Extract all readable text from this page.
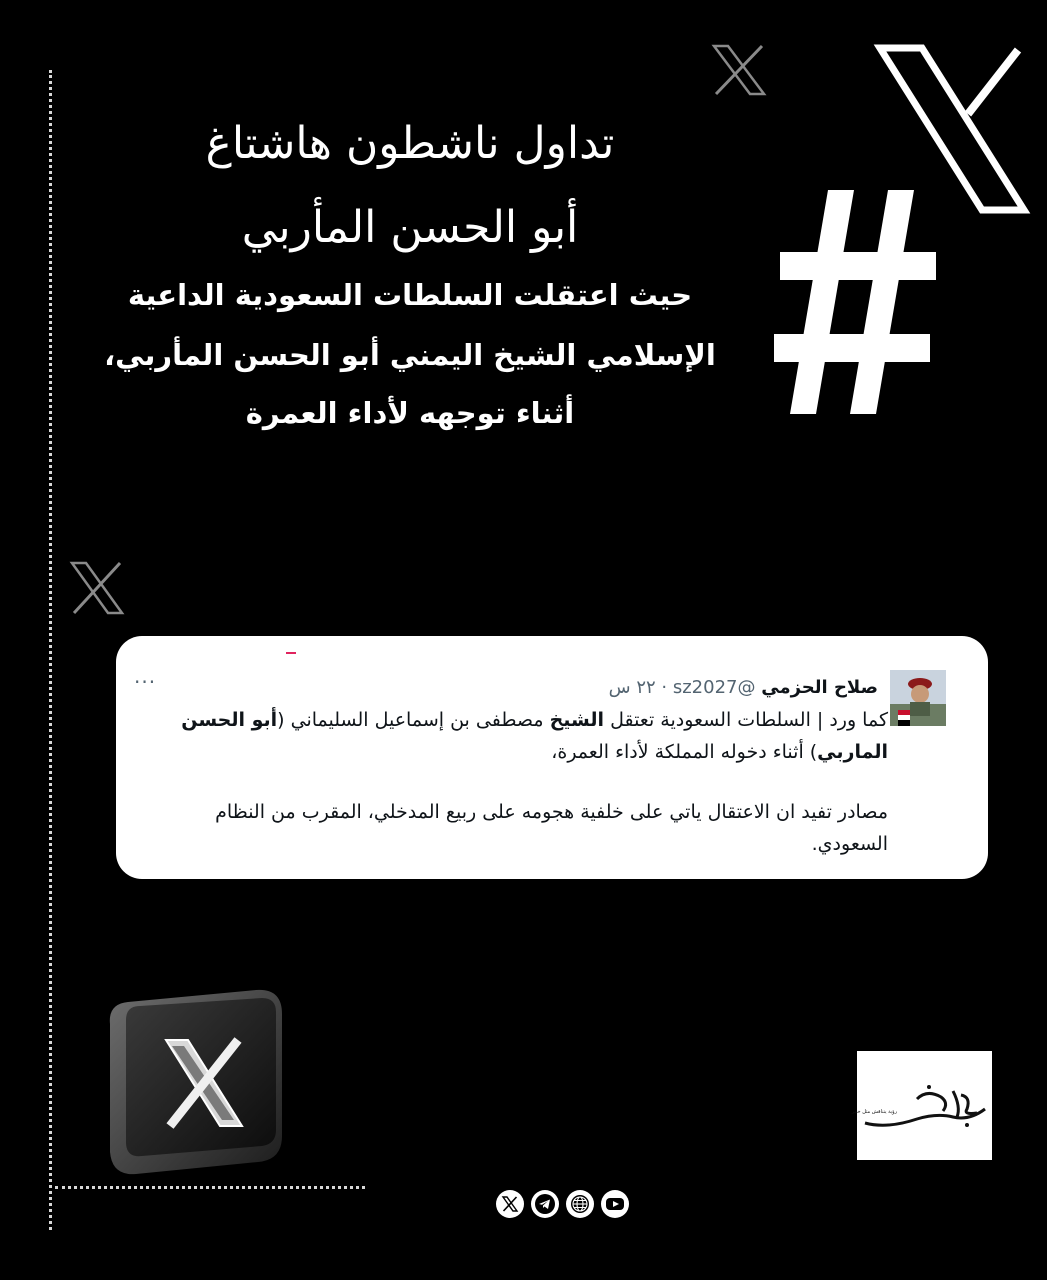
تداول ناشطون هاشتاغ
أبو الحسن المأربي

حيث اعتقلت السلطات السعودية الداعية

الإسلامي الشيخ اليمني أبو الحسن المأربي،

أثناء توجهه لأداء العمرة

صلاح الحزمي @sz2027 · ٢٢ س
···

كما ورد | السلطات السعودية تعتقل الشيخ مصطفى بن إسماعيل السليماني (أبو الحسن الماربي) أثناء دخوله المملكة لأداء العمرة،

مصادر تفيد ان الاعتقال ياتي على خلفية هجومه على ربيع المدخلي، المقرب من النظام السعودي.

رؤية يتناقش مثل خبير
